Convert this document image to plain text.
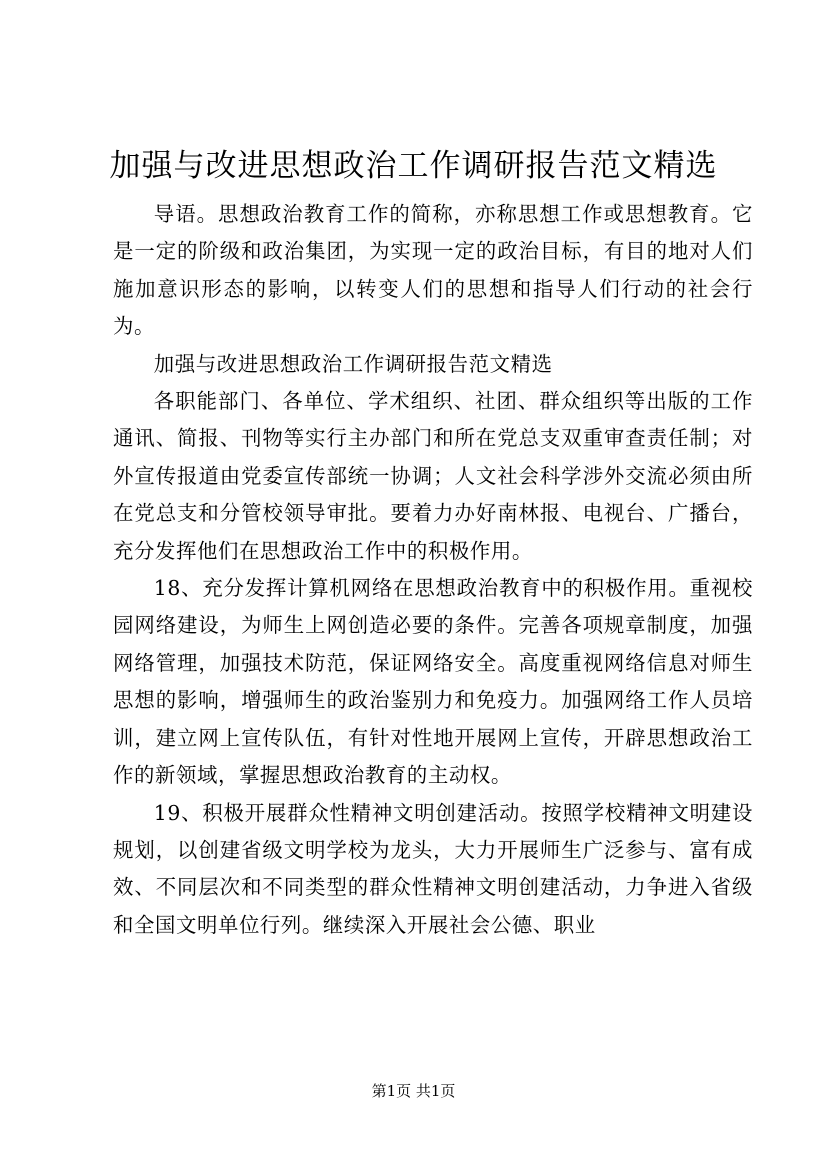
加强与改进思想政治工作调研报告范文精选

导语。思想政治教育工作的简称，亦称思想工作或思想教育。它是一定的阶级和政治集团，为实现一定的政治目标，有目的地对人们施加意识形态的影响，以转变人们的思想和指导人们行动的社会行为。

加强与改进思想政治工作调研报告范文精选

各职能部门、各单位、学术组织、社团、群众组织等出版的工作通讯、简报、刊物等实行主办部门和所在党总支双重审查责任制；对外宣传报道由党委宣传部统一协调；人文社会科学涉外交流必须由所在党总支和分管校领导审批。要着力办好南林报、电视台、广播台，充分发挥他们在思想政治工作中的积极作用。

18、充分发挥计算机网络在思想政治教育中的积极作用。重视校园网络建设，为师生上网创造必要的条件。完善各项规章制度，加强网络管理，加强技术防范，保证网络安全。高度重视网络信息对师生思想的影响，增强师生的政治鉴别力和免疫力。加强网络工作人员培训，建立网上宣传队伍，有针对性地开展网上宣传，开辟思想政治工作的新领域，掌握思想政治教育的主动权。

19、积极开展群众性精神文明创建活动。按照学校精神文明建设规划，以创建省级文明学校为龙头，大力开展师生广泛参与、富有成效、不同层次和不同类型的群众性精神文明创建活动，力争进入省级和全国文明单位行列。继续深入开展社会公德、职业

第1页 共1页
